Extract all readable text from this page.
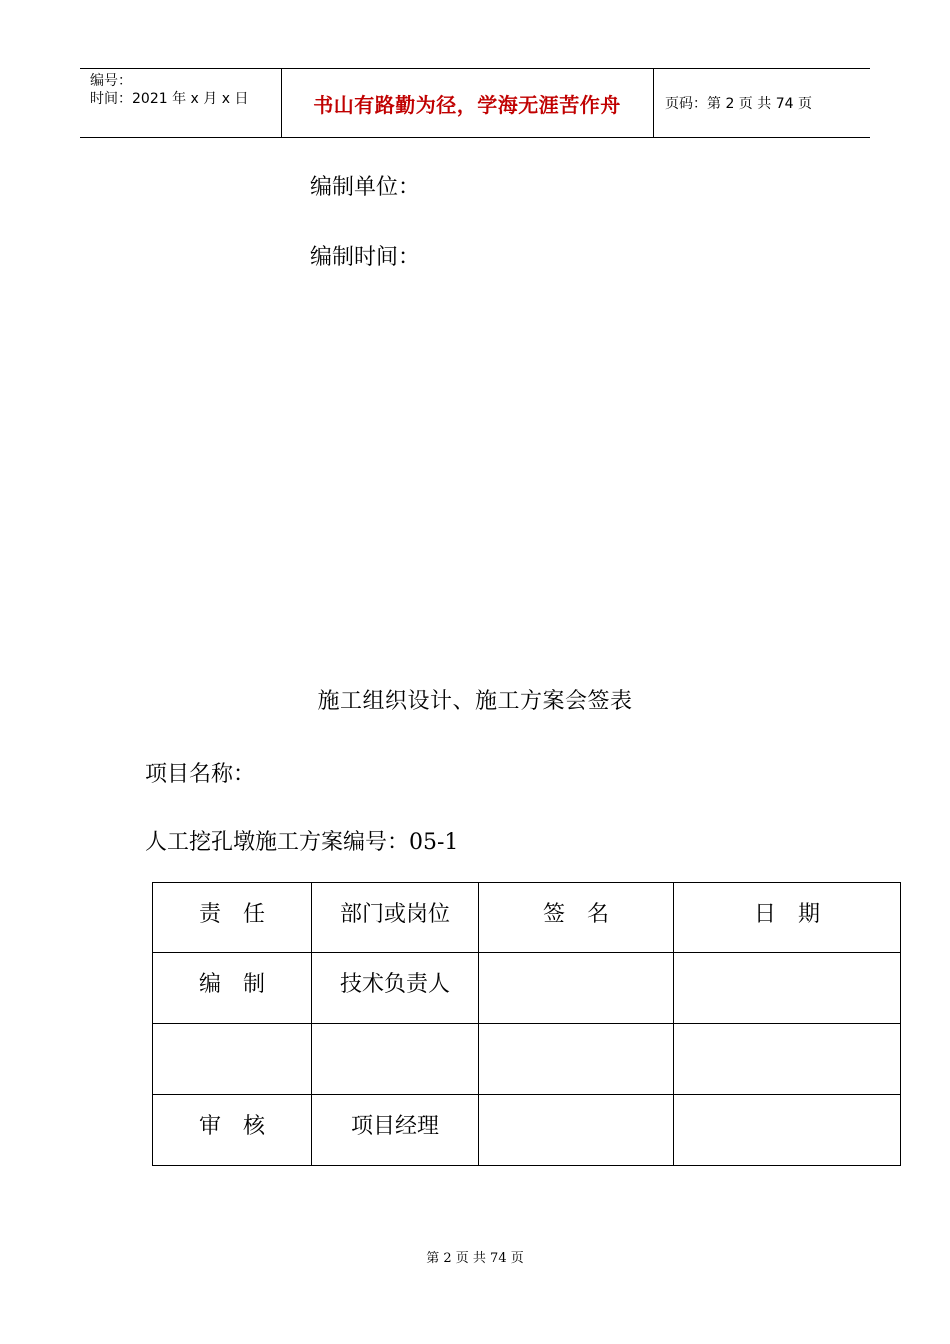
编号：
时间：2021 年 x 月 x 日	书山有路勤为径，学海无涯苦作舟	页码：第 2 页 共 74 页
编制单位：
编制时间：
施工组织设计、施工方案会签表
项目名称：
人工挖孔墩施工方案编号：05-1
责　任	部门或岗位	签　名	日　期
编　制	技术负责人		

审　核	项目经理		
第 2 页 共 74 页
